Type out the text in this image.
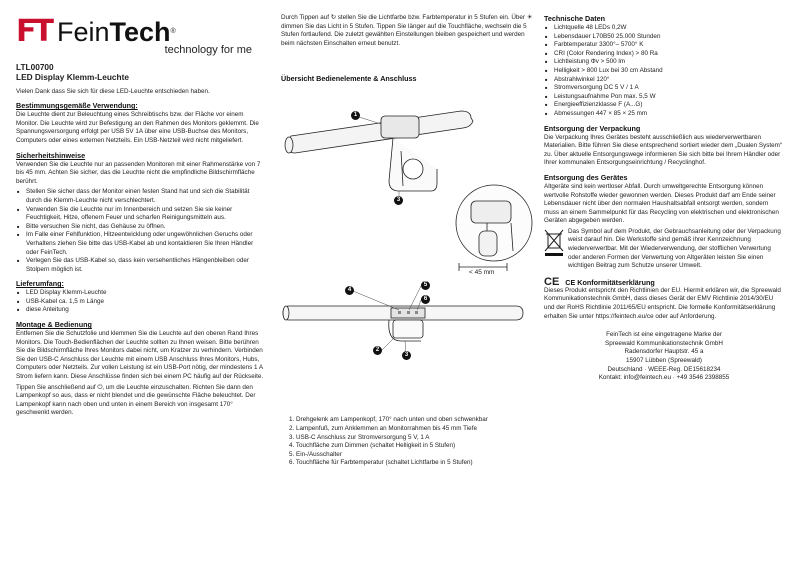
FT FeinTech®
technology for me
LTL00700
LED Display Klemm-Leuchte

Vielen Dank dass Sie sich für diese LED-Leuchte entschieden haben.

Bestimmungsgemäße Verwendung:

Die Leuchte dient zur Beleuchtung eines Schreibtischs bzw. der Fläche vor einem Monitor. Die Leuchte wird zur Befestigung an den Rahmen des Monitors geklemmt. Die Spannungsversorgung erfolgt per USB 5V 1A über eine USB-Buchse des Monitors, Computers oder eines externen Netzteils. Ein USB-Netzteil wird nicht mitgeliefert.

Sicherheitshinweise

Verwenden Sie die Leuchte nur an passenden Monitoren mit einer Rahmenstärke von 7 bis 45 mm. Achten Sie sicher, das die Leuchte nicht die empfindliche Bildschirmfläche berührt.

■ Stellen Sie sicher dass der Monitor einen festen Stand hat und sich die Stabilität durch die Klemm-Leuchte nicht verschlechtert.
■ Verwenden Sie die Leuchte nur im Innenbereich und setzen Sie sie keiner Feuchtigkeit, Hitze, offenem Feuer und scharfen Reinigungsmitteln aus.
■ Bitte versuchen Sie nicht, das Gehäuse zu öffnen.
■ Im Falle einer Fehlfunktion, Hitzeentwicklung oder ungewöhnlichen Geruchs oder Verhaltens ziehen Sie bitte das USB-Kabel ab und kontaktieren Sie Ihren Händler oder FeinTech.
■ Verlegen Sie das USB-Kabel so, dass kein versehentliches Hängenbleiben oder Stolpern möglich ist.
Lieferumfang:
■ LED Display Klemm-Leuchte
■ USB-Kabel ca. 1,5 m Länge
■ diese Anleitung
Montage & Bedienung

Entfernen Sie die Schutzfolie und klemmen Sie die Leuchte auf den oberen Rand Ihres Monitors. Die Touch-Bedienflächen der Leuchte sollten zu Ihnen weisen. Bitte berühren Sie die Bildschirmfläche Ihres Monitors dabei nicht, um Kratzer zu verhindern. Verbinden Sie den USB-C Anschluss der Leuchte mit einem USB Anschluss Ihres Monitors, Hubs, Computers oder Netzteils. Zur vollen Leistung ist ein USB-Port nötig, der mindestens 1 A Strom liefern kann. Diese Anschlüsse finden sich bei einem PC häufig auf der Rückseite.

Tippen Sie anschließend auf ⏻, um die Leuchte einzuschalten. Richten Sie dann den Lampenkopf so aus, dass er nicht blendet und die gewünschte Fläche beleuchtet. Der Lampenkopf kann nach oben und unten in einem Bereich von insgesamt 170° geschwenkt werden.

Durch Tippen auf ↻ stellen Sie die Lichtfarbe bzw. Farbtemperatur in 5 Stufen ein. Über ☀ dimmen Sie das Licht in 5 Stufen. Tippen Sie länger auf die Touchfläche, wechseln die 5 Stufen fortlaufend. Die zuletzt gewählten Einstellungen bleiben gespeichert und werden beim nächsten Einschalten erneut benutzt.

Übersicht Bedienelemente & Anschluss
< 45 mm
1
2
3
3
4
5
6
1. Drehgelenk am Lampenkopf, 170° nach unten und oben schwenkbar
2. Lampenfuß, zum Anklemmen an Monitorrahmen bis 45 mm Tiefe
3. USB-C Anschluss zur Stromversorgung 5 V, 1 A
4. Touchfläche zum Dimmen (schaltet Helligkeit in 5 Stufen)
5. Ein-/Ausschalter
6. Touchfläche für Farbtemperatur (schaltet Lichtfarbe in 5 Stufen)
Technische Daten
■ Lichtquelle 48 LEDs 0,2W
■ Lebensdauer L70B50 25.000 Stunden
■ Farbtemperatur 3300°– 5700° K
■ CRI (Color Rendering Index) > 80 Ra
■ Lichtleistung Φv > 500 lm
■ Helligkeit > 800 Lux bei 30 cm Abstand
■ Abstrahlwinkel 120°
■ Stromversorgung DC 5 V / 1 A
■ Leistungsaufnahme Pon max. 5,5 W
■ Energieeffizienzklasse F (A...G)
■ Abmessungen 447 × 85 × 25 mm
Entsorgung der Verpackung

Die Verpackung Ihres Gerätes besteht ausschließlich aus wiederverwertbaren Materialien. Bitte führen Sie diese entsprechend sortiert wieder dem „Dualen System“ zu. Über aktuelle Entsorgungswege informieren Sie sich bitte bei Ihrem Händler oder Ihrer kommunalen Entsorgungseinrichtung / Recyclinghof.

Entsorgung des Gerätes

Altgeräte sind kein wertloser Abfall. Durch umweltgerechte Entsorgung können wertvolle Rohstoffe wieder gewonnen werden. Dieses Produkt darf am Ende seiner Lebensdauer nicht über den normalen Haushaltsabfall entsorgt werden, sondern muss an einem Sammelpunkt für das Recycling von elektrischen und elektronischen Geräten abgegeben werden.

Das Symbol auf dem Produkt, der Gebrauchsanleitung oder der Verpackung weist darauf hin. Die Werkstoffe sind gemäß ihrer Kennzeichnung wiederverwertbar. Mit der Wiederverwendung, der stofflichen Verwertung oder anderen Formen der Verwertung von Altgeräten leisten Sie einen wichtigen Beitrag zum Schutze unserer Umwelt.

CE CE Konformitätserklärung

Dieses Produkt entspricht den Richtlinien der EU. Hiermit erklären wir, die Spreewald Kommunikationstechnik GmbH, dass dieses Gerät der EMV Richtlinie 2014/30/EU und der RoHS Richtlinie 2011/65/EU entspricht. Die formelle Konformitätserklärung erhalten Sie unter https://feintech.eu/ce oder auf Anforderung.

FeinTech ist eine eingetragene Marke der
Spreewald Kommunikationstechnik GmbH
Radensdorfer Hauptstr. 45 a
15907 Lübben (Spreewald)
Deutschland · WEEE-Reg. DE15618234
Kontakt: info@feintech.eu · +49 3546 2398855
